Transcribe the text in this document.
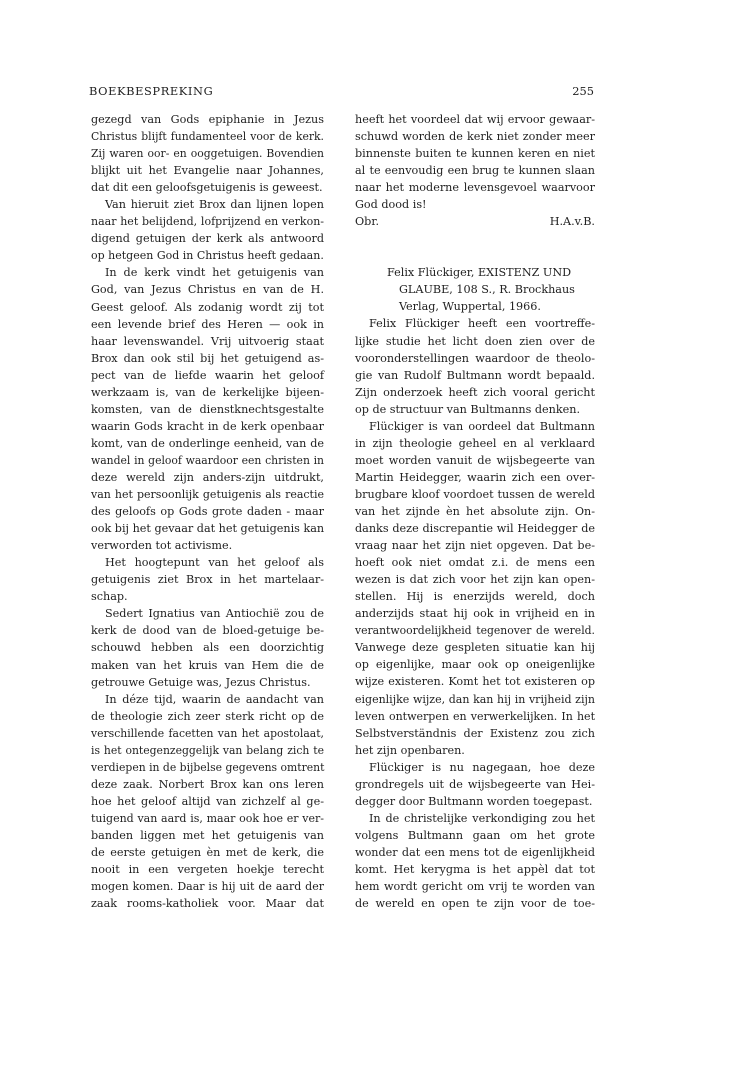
BOEKBESPREKING	255
gezegd van Gods epiphanie in Jezus
Christus blijft fundamenteel voor de kerk.
Zij waren oor- en ooggetuigen. Bovendien
blijkt uit het Evangelie naar Johannes,
dat dit een geloofsgetuigenis is geweest.
Van hieruit ziet Brox dan lijnen lopen
naar het belijdend, lofprijzend en verkon-
digend getuigen der kerk als antwoord
op hetgeen God in Christus heeft gedaan.
In de kerk vindt het getuigenis van
God, van Jezus Christus en van de H.
Geest geloof. Als zodanig wordt zij tot
een levende brief des Heren — ook in
haar levenswandel. Vrij uitvoerig staat
Brox dan ook stil bij het getuigend as-
pect van de liefde waarin het geloof
werkzaam is, van de kerkelijke bijeen-
komsten, van de dienstknechtsgestalte
waarin Gods kracht in de kerk openbaar
komt, van de onderlinge eenheid, van de
wandel in geloof waardoor een christen in
deze wereld zijn anders-zijn uitdrukt,
van het persoonlijk getuigenis als reactie
des geloofs op Gods grote daden - maar
ook bij het gevaar dat het getuigenis kan
verworden tot activisme.
Het hoogtepunt van het geloof als
getuigenis ziet Brox in het martelaar-
schap.
Sedert Ignatius van Antiochië zou de
kerk de dood van de bloed-getuige be-
schouwd hebben als een doorzichtig
maken van het kruis van Hem die de
getrouwe Getuige was, Jezus Christus.
In déze tijd, waarin de aandacht van
de theologie zich zeer sterk richt op de
verschillende facetten van het apostolaat,
is het ontegenzeggelijk van belang zich te
verdiepen in de bijbelse gegevens omtrent
deze zaak. Norbert Brox kan ons leren
hoe het geloof altijd van zichzelf al ge-
tuigend van aard is, maar ook hoe er ver-
banden liggen met het getuigenis van
de eerste getuigen èn met de kerk, die
nooit in een vergeten hoekje terecht
mogen komen. Daar is hij uit de aard der
zaak rooms-katholiek voor. Maar dat
heeft het voordeel dat wij ervoor gewaar-
schuwd worden de kerk niet zonder meer
binnenste buiten te kunnen keren en niet
al te eenvoudig een brug te kunnen slaan
naar het moderne levensgevoel waarvoor
God dood is!
Obr.	H.A.v.B.
Felix Flückiger, EXISTENZ UND
GLAUBE, 108 S., R. Brockhaus
Verlag, Wuppertal, 1966.
Felix Flückiger heeft een voortreffe-
lijke studie het licht doen zien over de
vooronderstellingen waardoor de theolo-
gie van Rudolf Bultmann wordt bepaald.
Zijn onderzoek heeft zich vooral gericht
op de structuur van Bultmanns denken.
Flückiger is van oordeel dat Bultmann
in zijn theologie geheel en al verklaard
moet worden vanuit de wijsbegeerte van
Martin Heidegger, waarin zich een over-
brugbare kloof voordoet tussen de wereld
van het zijnde èn het absolute zijn. On-
danks deze discrepantie wil Heidegger de
vraag naar het zijn niet opgeven. Dat be-
hoeft ook niet omdat z.i. de mens een
wezen is dat zich voor het zijn kan open-
stellen. Hij is enerzijds wereld, doch
anderzijds staat hij ook in vrijheid en in
verantwoordelijkheid tegenover de wereld.
Vanwege deze gespleten situatie kan hij
op eigenlijke, maar ook op oneigenlijke
wijze existeren. Komt het tot existeren op
eigenlijke wijze, dan kan hij in vrijheid zijn
leven ontwerpen en verwerkelijken. In het
Selbstverständnis der Existenz zou zich
het zijn openbaren.
Flückiger is nu nagegaan, hoe deze
grondregels uit de wijsbegeerte van Hei-
degger door Bultmann worden toegepast.
In de christelijke verkondiging zou het
volgens Bultmann gaan om het grote
wonder dat een mens tot de eigenlijkheid
komt. Het kerygma is het appèl dat tot
hem wordt gericht om vrij te worden van
de wereld en open te zijn voor de toe-
